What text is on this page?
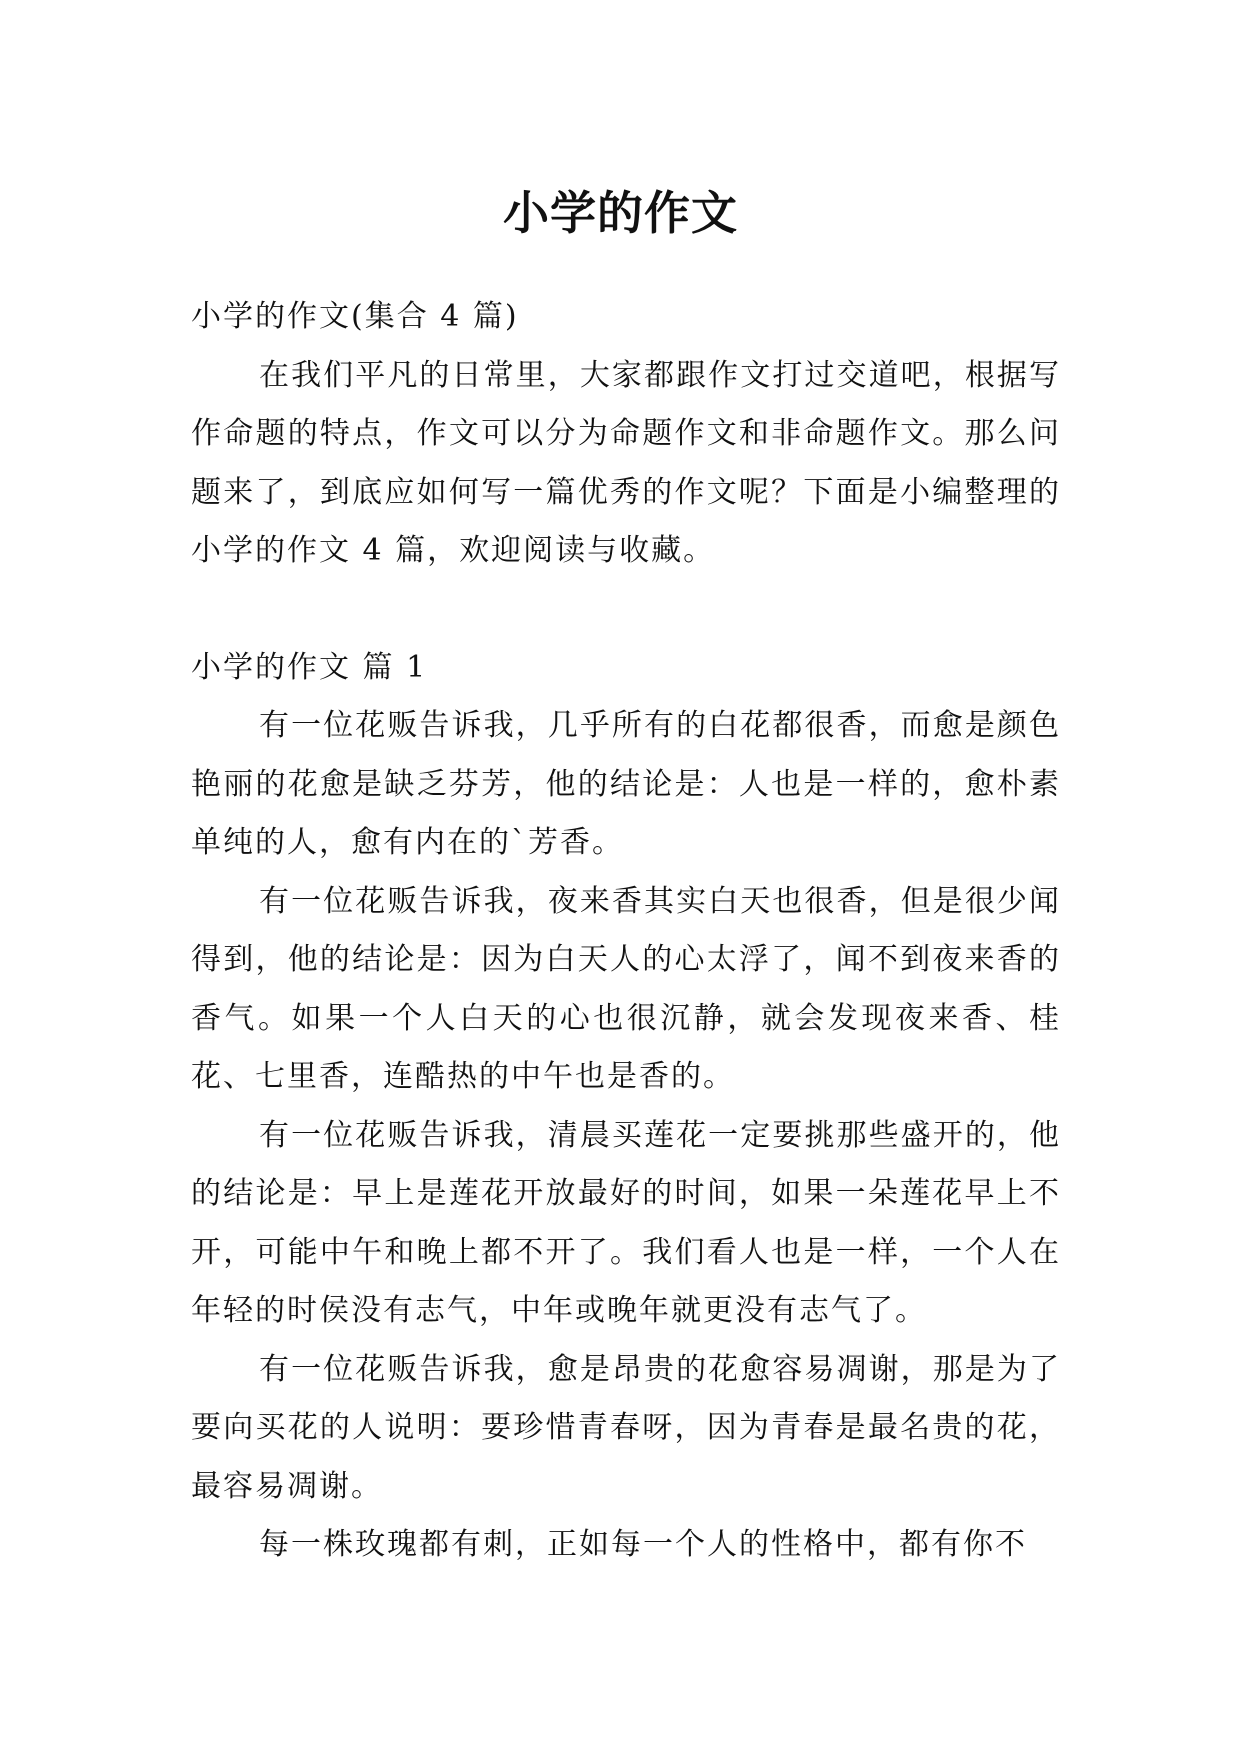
小学的作文

小学的作文(集合 4 篇)

在我们平凡的日常里，大家都跟作文打过交道吧，根据写作命题的特点，作文可以分为命题作文和非命题作文。那么问题来了，到底应如何写一篇优秀的作文呢？下面是小编整理的小学的作文 4 篇，欢迎阅读与收藏。

小学的作文 篇 1

有一位花贩告诉我，几乎所有的白花都很香，而愈是颜色艳丽的花愈是缺乏芬芳，他的结论是：人也是一样的，愈朴素单纯的人，愈有内在的`芳香。

有一位花贩告诉我，夜来香其实白天也很香，但是很少闻得到，他的结论是：因为白天人的心太浮了，闻不到夜来香的香气。如果一个人白天的心也很沉静，就会发现夜来香、桂花、七里香，连酷热的中午也是香的。

有一位花贩告诉我，清晨买莲花一定要挑那些盛开的，他的结论是：早上是莲花开放最好的时间，如果一朵莲花早上不开，可能中午和晚上都不开了。我们看人也是一样，一个人在年轻的时侯没有志气，中年或晚年就更没有志气了。

有一位花贩告诉我，愈是昂贵的花愈容易凋谢，那是为了要向买花的人说明：要珍惜青春呀，因为青春是最名贵的花，最容易凋谢。

每一株玫瑰都有刺，正如每一个人的性格中，都有你不
